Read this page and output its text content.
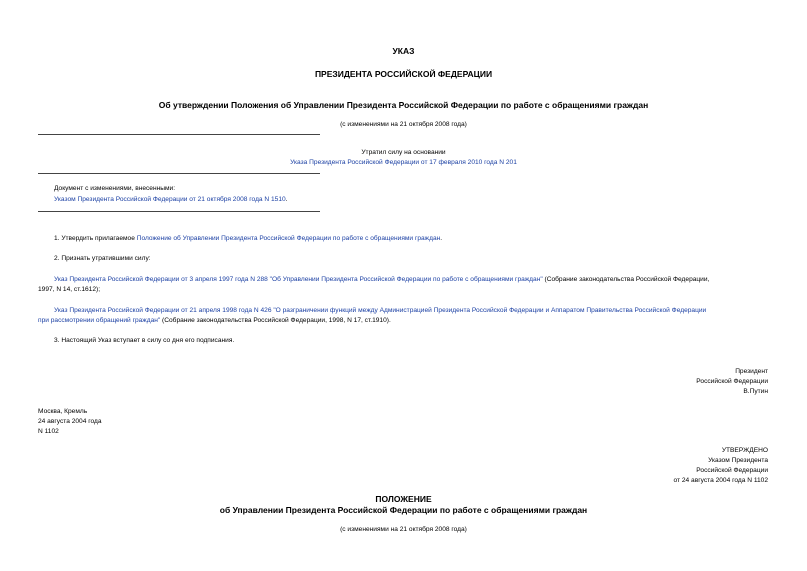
УКАЗ
ПРЕЗИДЕНТА РОССИЙСКОЙ ФЕДЕРАЦИИ
Об утверждении Положения об Управлении Президента Российской Федерации по работе с обращениями граждан
(с изменениями на 21 октября 2008 года)
Утратил силу на основании
Указа Президента Российской Федерации от 17 февраля 2010 года N 201
Документ с изменениями, внесенными:
Указом Президента Российской Федерации от 21 октября 2008 года N 1510.
1. Утвердить прилагаемое Положение об Управлении Президента Российской Федерации по работе с обращениями граждан.
2. Признать утратившими силу:
Указ Президента Российской Федерации от 3 апреля 1997 года N 288 "Об Управлении Президента Российской Федерации по работе с обращениями граждан" (Собрание законодательства Российской Федерации,
1997, N 14, ст.1612);
Указ Президента Российской Федерации от 21 апреля 1998 года N 426 "О разграничении функций между Администрацией Президента Российской Федерации и Аппаратом Правительства Российской Федерации
при рассмотрении обращений граждан" (Собрание законодательства Российской Федерации, 1998, N 17, ст.1910).
3. Настоящий Указ вступает в силу со дня его подписания.
Президент
Российской Федерации
В.Путин
Москва, Кремль
24 августа 2004 года
N 1102
УТВЕРЖДЕНО
Указом Президента
Российской Федерации
от 24 августа 2004 года N 1102
ПОЛОЖЕНИЕ
об Управлении Президента Российской Федерации по работе с обращениями граждан
(с изменениями на 21 октября 2008 года)
